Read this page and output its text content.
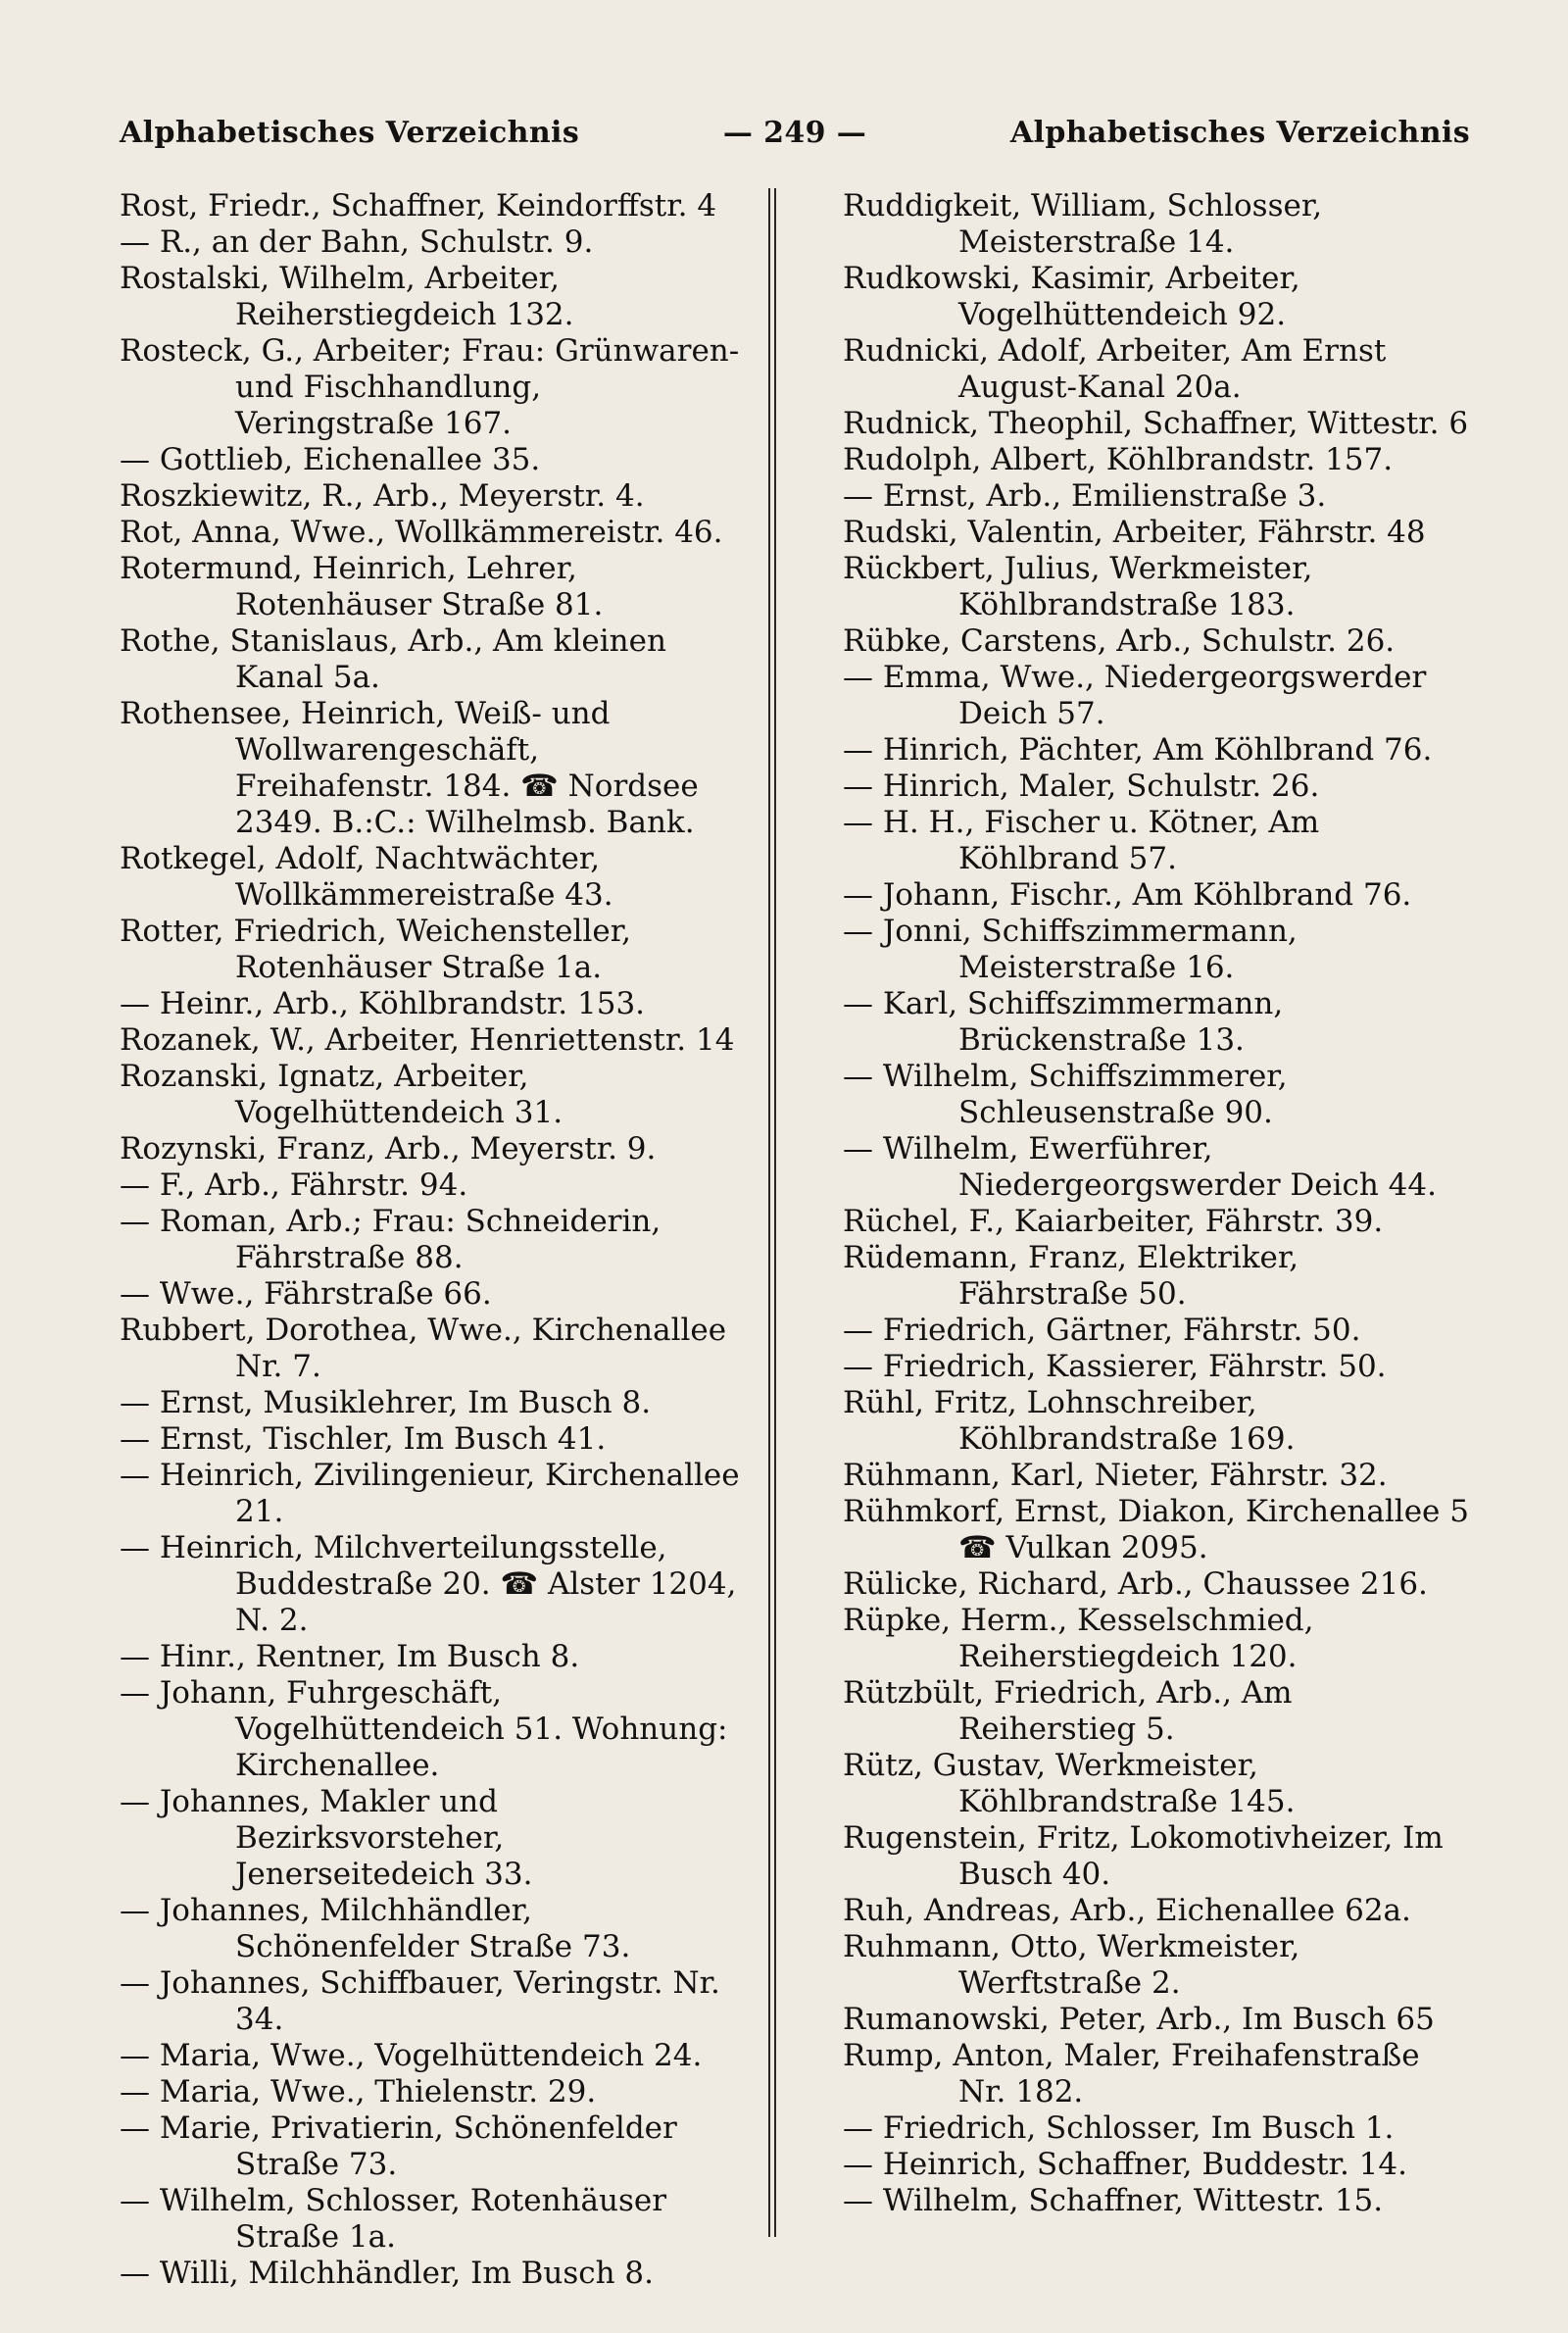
Alphabetisches Verzeichnis	— 249 —	Alphabetisches Verzeichnis

Rost, Friedr., Schaffner, Keindorffstr. 4

— R., an der Bahn, Schulstr. 9.

Rostalski, Wilhelm, Arbeiter, Reiherstiegdeich 132.

Rosteck, G., Arbeiter; Frau: Grünwaren- und Fischhandlung, Veringstraße 167.

— Gottlieb, Eichenallee 35.

Roszkiewitz, R., Arb., Meyerstr. 4.

Rot, Anna, Wwe., Wollkämmereistr. 46.

Rotermund, Heinrich, Lehrer, Rotenhäuser Straße 81.

Rothe, Stanislaus, Arb., Am kleinen Kanal 5a.

Rothensee, Heinrich, Weiß- und Wollwarengeschäft, Freihafenstr. 184. ☎ Nordsee 2349. B.:C.: Wilhelmsb. Bank.

Rotkegel, Adolf, Nachtwächter, Wollkämmereistraße 43.

Rotter, Friedrich, Weichensteller, Rotenhäuser Straße 1a.

— Heinr., Arb., Köhlbrandstr. 153.

Rozanek, W., Arbeiter, Henriettenstr. 14

Rozanski, Ignatz, Arbeiter, Vogelhüttendeich 31.

Rozynski, Franz, Arb., Meyerstr. 9.

— F., Arb., Fährstr. 94.

— Roman, Arb.; Frau: Schneiderin, Fährstraße 88.

— Wwe., Fährstraße 66.

Rubbert, Dorothea, Wwe., Kirchenallee Nr. 7.

— Ernst, Musiklehrer, Im Busch 8.

— Ernst, Tischler, Im Busch 41.

— Heinrich, Zivilingenieur, Kirchenallee 21.

— Heinrich, Milchverteilungsstelle, Buddestraße 20. ☎ Alster 1204, N. 2.

— Hinr., Rentner, Im Busch 8.

— Johann, Fuhrgeschäft, Vogelhüttendeich 51. Wohnung: Kirchenallee.

— Johannes, Makler und Bezirksvorsteher, Jenerseitedeich 33.

— Johannes, Milchhändler, Schönenfelder Straße 73.

— Johannes, Schiffbauer, Veringstr. Nr. 34.

— Maria, Wwe., Vogelhüttendeich 24.

— Maria, Wwe., Thielenstr. 29.

— Marie, Privatierin, Schönenfelder Straße 73.

— Wilhelm, Schlosser, Rotenhäuser Straße 1a.

— Willi, Milchhändler, Im Busch 8.

Ruddigkeit, William, Schlosser, Meisterstraße 14.

Rudkowski, Kasimir, Arbeiter, Vogelhüttendeich 92.

Rudnicki, Adolf, Arbeiter, Am Ernst August-Kanal 20a.

Rudnick, Theophil, Schaffner, Wittestr. 6

Rudolph, Albert, Köhlbrandstr. 157.

— Ernst, Arb., Emilienstraße 3.

Rudski, Valentin, Arbeiter, Fährstr. 48

Rückbert, Julius, Werkmeister, Köhlbrandstraße 183.

Rübke, Carstens, Arb., Schulstr. 26.

— Emma, Wwe., Niedergeorgswerder Deich 57.

— Hinrich, Pächter, Am Köhlbrand 76.

— Hinrich, Maler, Schulstr. 26.

— H. H., Fischer u. Kötner, Am Köhlbrand 57.

— Johann, Fischr., Am Köhlbrand 76.

— Jonni, Schiffszimmermann, Meisterstraße 16.

— Karl, Schiffszimmermann, Brückenstraße 13.

— Wilhelm, Schiffszimmerer, Schleusenstraße 90.

— Wilhelm, Ewerführer, Niedergeorgswerder Deich 44.

Rüchel, F., Kaiarbeiter, Fährstr. 39.

Rüdemann, Franz, Elektriker, Fährstraße 50.

— Friedrich, Gärtner, Fährstr. 50.

— Friedrich, Kassierer, Fährstr. 50.

Rühl, Fritz, Lohnschreiber, Köhlbrandstraße 169.

Rühmann, Karl, Nieter, Fährstr. 32.

Rühmkorf, Ernst, Diakon, Kirchenallee 5 ☎ Vulkan 2095.

Rülicke, Richard, Arb., Chaussee 216.

Rüpke, Herm., Kesselschmied, Reiherstiegdeich 120.

Rützbült, Friedrich, Arb., Am Reiherstieg 5.

Rütz, Gustav, Werkmeister, Köhlbrandstraße 145.

Rugenstein, Fritz, Lokomotivheizer, Im Busch 40.

Ruh, Andreas, Arb., Eichenallee 62a.

Ruhmann, Otto, Werkmeister, Werftstraße 2.

Rumanowski, Peter, Arb., Im Busch 65

Rump, Anton, Maler, Freihafenstraße Nr. 182.

— Friedrich, Schlosser, Im Busch 1.

— Heinrich, Schaffner, Buddestr. 14.

— Wilhelm, Schaffner, Wittestr. 15.
